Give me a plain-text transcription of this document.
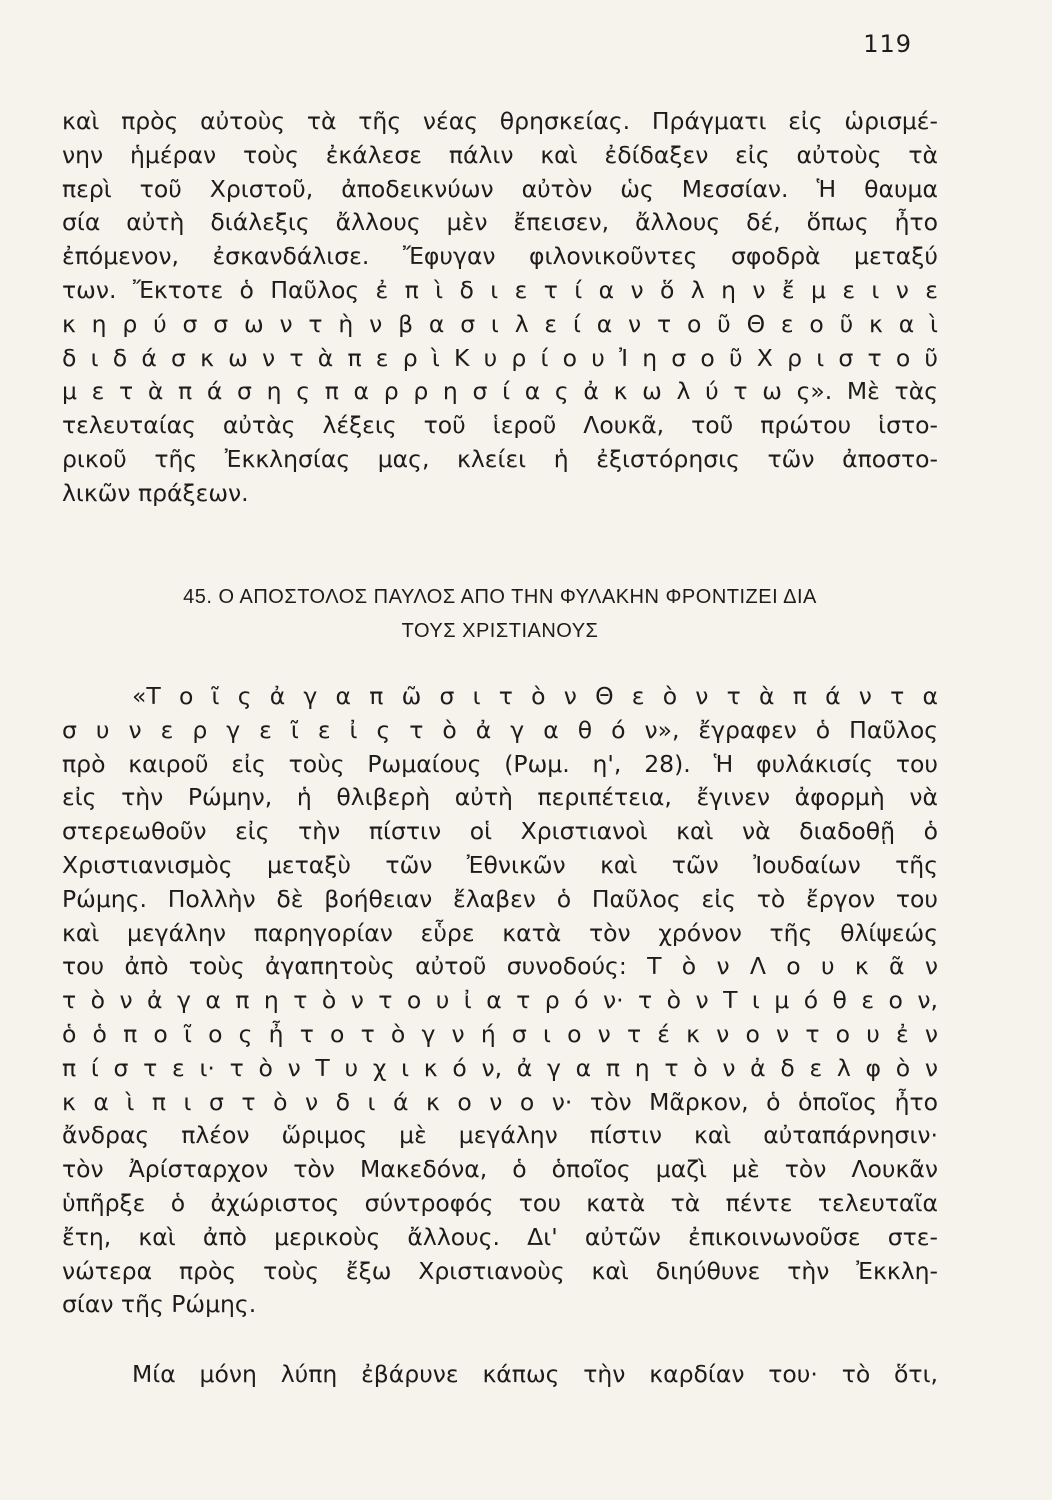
119
καὶ πρὸς αὐτοὺς τὰ τῆς νέας θρησκείας. Πράγματι εἰς ὡρισμέ-
νην ἡμέραν τοὺς ἐκάλεσε πάλιν καὶ ἐδίδαξεν εἰς αὐτοὺς τὰ
περὶ τοῦ Χριστοῦ, ἀποδεικνύων αὐτὸν ὡς Μεσσίαν. Ἡ θαυμα
σία αὐτὴ διάλεξις ἄλλους μὲν ἔπεισεν, ἄλλους δέ, ὅπως ἦτο
ἐπόμενον, ἐσκανδάλισε. Ἔφυγαν φιλονικοῦντες σφοδρὰ μεταξύ
των. Ἔκτοτε ὁ Παῦλος ἐ π ὶ δ ι ε τ ί α ν ὅ λ η ν ἔ μ ε ι ν ε
κ η ρ ύ σ σ ω ν τ ὴ ν β α σ ι λ ε ί α ν τ ο ῦ Θ ε ο ῦ κ α ὶ
δ ι δ ά σ κ ω ν τ ὰ π ε ρ ὶ Κ υ ρ ί ο υ Ἰ η σ ο ῦ Χ ρ ι σ τ ο ῦ
μ ε τ ὰ π ά σ η ς π α ρ ρ η σ ί α ς ἀ κ ω λ ύ τ ω ς». Μὲ τὰς
τελευταίας αὐτὰς λέξεις τοῦ ἱεροῦ Λουκᾶ, τοῦ πρώτου ἱστο-
ρικοῦ τῆς Ἐκκλησίας μας, κλείει ἡ ἐξιστόρησις τῶν ἀποστο-
λικῶν πράξεων.
45. Ο ΑΠΟΣΤΟΛΟΣ ΠΑΥΛΟΣ ΑΠΟ ΤΗΝ ΦΥΛΑΚΗΝ ΦΡΟΝΤΙΖΕΙ ΔΙΑ
ΤΟΥΣ ΧΡΙΣΤΙΑΝΟΥΣ
«Τ ο ῖ ς ἀ γ α π ῶ σ ι τ ὸ ν Θ ε ὸ ν τ ὰ π ά ν τ α
σ υ ν ε ρ γ ε ῖ ε ἰ ς τ ὸ ἀ γ α θ ό ν», ἔγραφεν ὁ Παῦλος
πρὸ καιροῦ εἰς τοὺς Ρωμαίους (Ρωμ. η', 28). Ἡ φυλάκισίς του
εἰς τὴν Ρώμην, ἡ θλιβερὴ αὐτὴ περιπέτεια, ἔγινεν ἀφορμὴ νὰ
στερεωθοῦν εἰς τὴν πίστιν οἱ Χριστιανοὶ καὶ νὰ διαδοθῇ ὁ
Χριστιανισμὸς μεταξὺ τῶν Ἐθνικῶν καὶ τῶν Ἰουδαίων τῆς
Ρώμης. Πολλὴν δὲ βοήθειαν ἔλαβεν ὁ Παῦλος εἰς τὸ ἔργον του
καὶ μεγάλην παρηγορίαν εὗρε κατὰ τὸν χρόνον τῆς θλίψεώς
του ἀπὸ τοὺς ἀγαπητοὺς αὐτοῦ συνοδούς: Τ ὸ ν Λ ο υ κ ᾶ ν
τ ὸ ν ἀ γ α π η τ ὸ ν τ ο υ ἰ α τ ρ ό ν· τ ὸ ν Τ ι μ ό θ ε ο ν,
ὁ ὁ π ο ῖ ο ς ἦ τ ο τ ὸ γ ν ή σ ι ο ν τ έ κ ν ο ν τ ο υ ἐ ν
π ί σ τ ε ι· τ ὸ ν Τ υ χ ι κ ό ν, ἀ γ α π η τ ὸ ν ἀ δ ε λ φ ὸ ν
κ α ὶ π ι σ τ ὸ ν δ ι ά κ ο ν ο ν· τὸν Μᾶρκον, ὁ ὁποῖος ἦτο
ἄνδρας πλέον ὥριμος μὲ μεγάλην πίστιν καὶ αὐταπάρνησιν·
τὸν Ἀρίσταρχον τὸν Μακεδόνα, ὁ ὁποῖος μαζὶ μὲ τὸν Λουκᾶν
ὑπῆρξε ὁ ἀχώριστος σύντροφός του κατὰ τὰ πέντε τελευταῖα
ἔτη, καὶ ἀπὸ μερικοὺς ἄλλους. Δι' αὐτῶν ἐπικοινωνοῦσε στε-
νώτερα πρὸς τοὺς ἔξω Χριστιανοὺς καὶ διηύθυνε τὴν Ἐκκλη-
σίαν τῆς Ρώμης.
Μία μόνη λύπη ἐβάρυνε κάπως τὴν καρδίαν του· τὸ ὅτι,
